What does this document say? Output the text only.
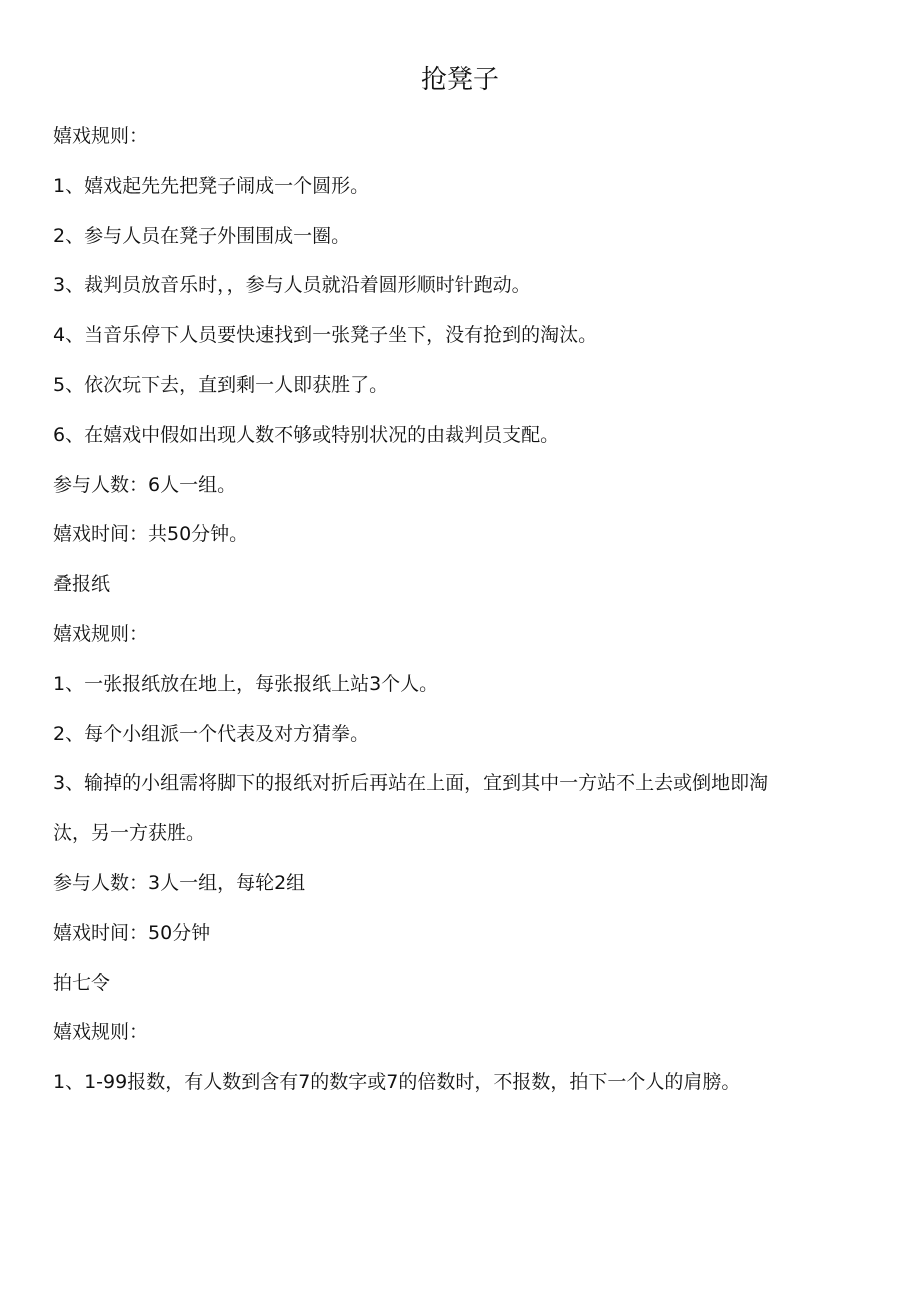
抢凳子
嬉戏规则：
1、嬉戏起先先把凳子闹成一个圆形。
2、参与人员在凳子外围围成一圈。
3、裁判员放音乐时，，参与人员就沿着圆形顺时针跑动。
4、当音乐停下人员要快速找到一张凳子坐下，没有抢到的淘汰。
5、依次玩下去，直到剩一人即获胜了。
6、在嬉戏中假如出现人数不够或特别状况的由裁判员支配。
参与人数：6人一组。
嬉戏时间：共50分钟。
叠报纸
嬉戏规则：
1、一张报纸放在地上，每张报纸上站3个人。
2、每个小组派一个代表及对方猜拳。
3、输掉的小组需将脚下的报纸对折后再站在上面，宜到其中一方站不上去或倒地即淘
汰，另一方获胜。
参与人数：3人一组，每轮2组
嬉戏时间：50分钟
拍七令
嬉戏规则：
1、1-99报数，有人数到含有7的数字或7的倍数时，不报数，拍下一个人的肩膀。
